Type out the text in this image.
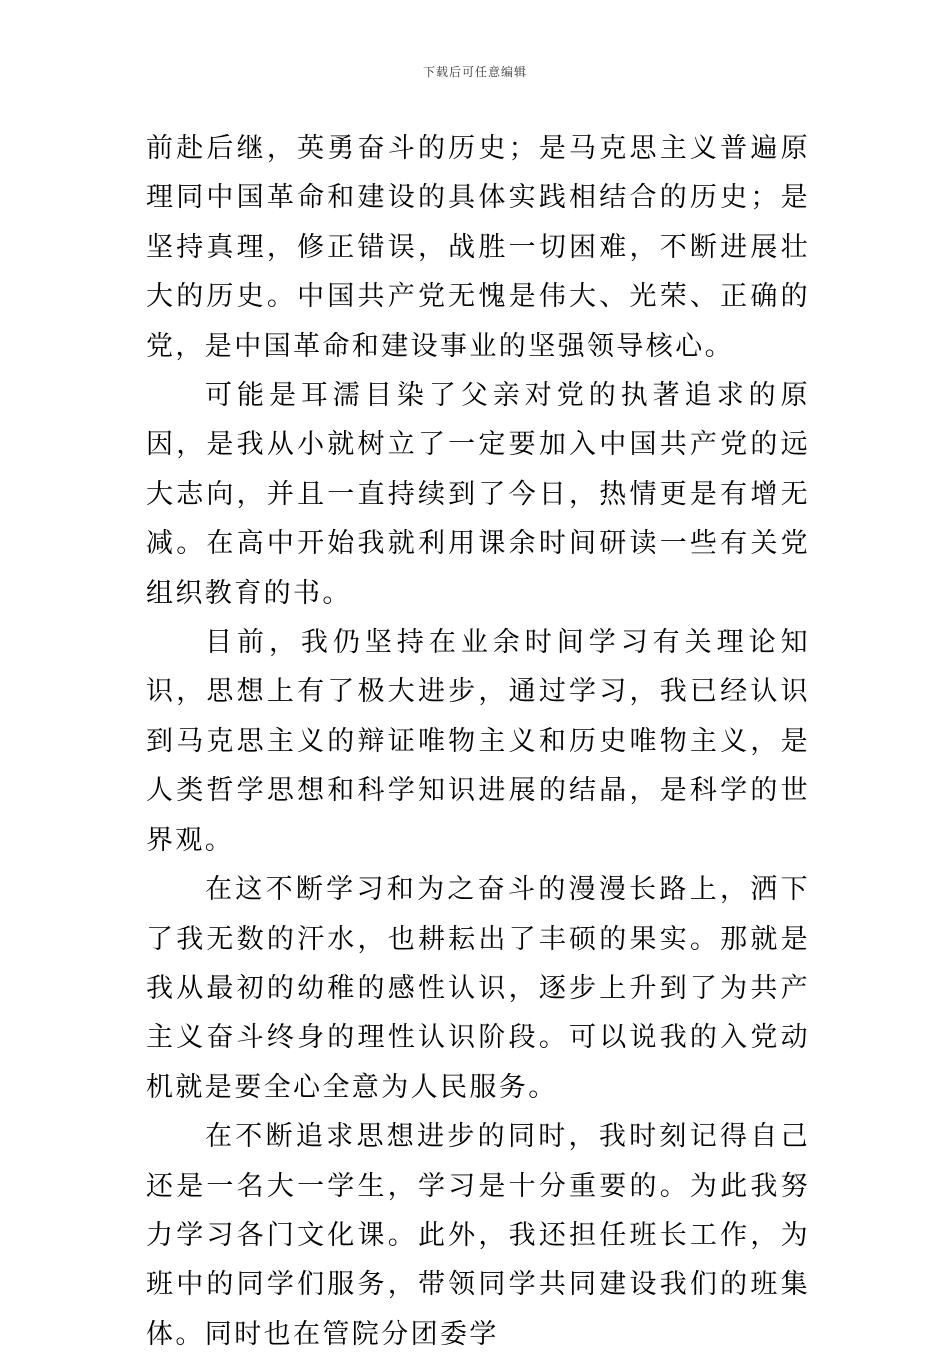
下载后可任意编辑

前赴后继，英勇奋斗的历史；是马克思主义普遍原理同中国革命和建设的具体实践相结合的历史；是坚持真理，修正错误，战胜一切困难，不断进展壮大的历史。中国共产党无愧是伟大、光荣、正确的党，是中国革命和建设事业的坚强领导核心。

可能是耳濡目染了父亲对党的执著追求的原因，是我从小就树立了一定要加入中国共产党的远大志向，并且一直持续到了今日，热情更是有增无减。在高中开始我就利用课余时间研读一些有关党组织教育的书。

目前，我仍坚持在业余时间学习有关理论知识，思想上有了极大进步，通过学习，我已经认识到马克思主义的辩证唯物主义和历史唯物主义，是人类哲学思想和科学知识进展的结晶，是科学的世界观。

在这不断学习和为之奋斗的漫漫长路上，洒下了我无数的汗水，也耕耘出了丰硕的果实。那就是我从最初的幼稚的感性认识，逐步上升到了为共产主义奋斗终身的理性认识阶段。可以说我的入党动机就是要全心全意为人民服务。

在不断追求思想进步的同时，我时刻记得自己还是一名大一学生，学习是十分重要的。为此我努力学习各门文化课。此外，我还担任班长工作，为班中的同学们服务，带领同学共同建设我们的班集体。同时也在管院分团委学
